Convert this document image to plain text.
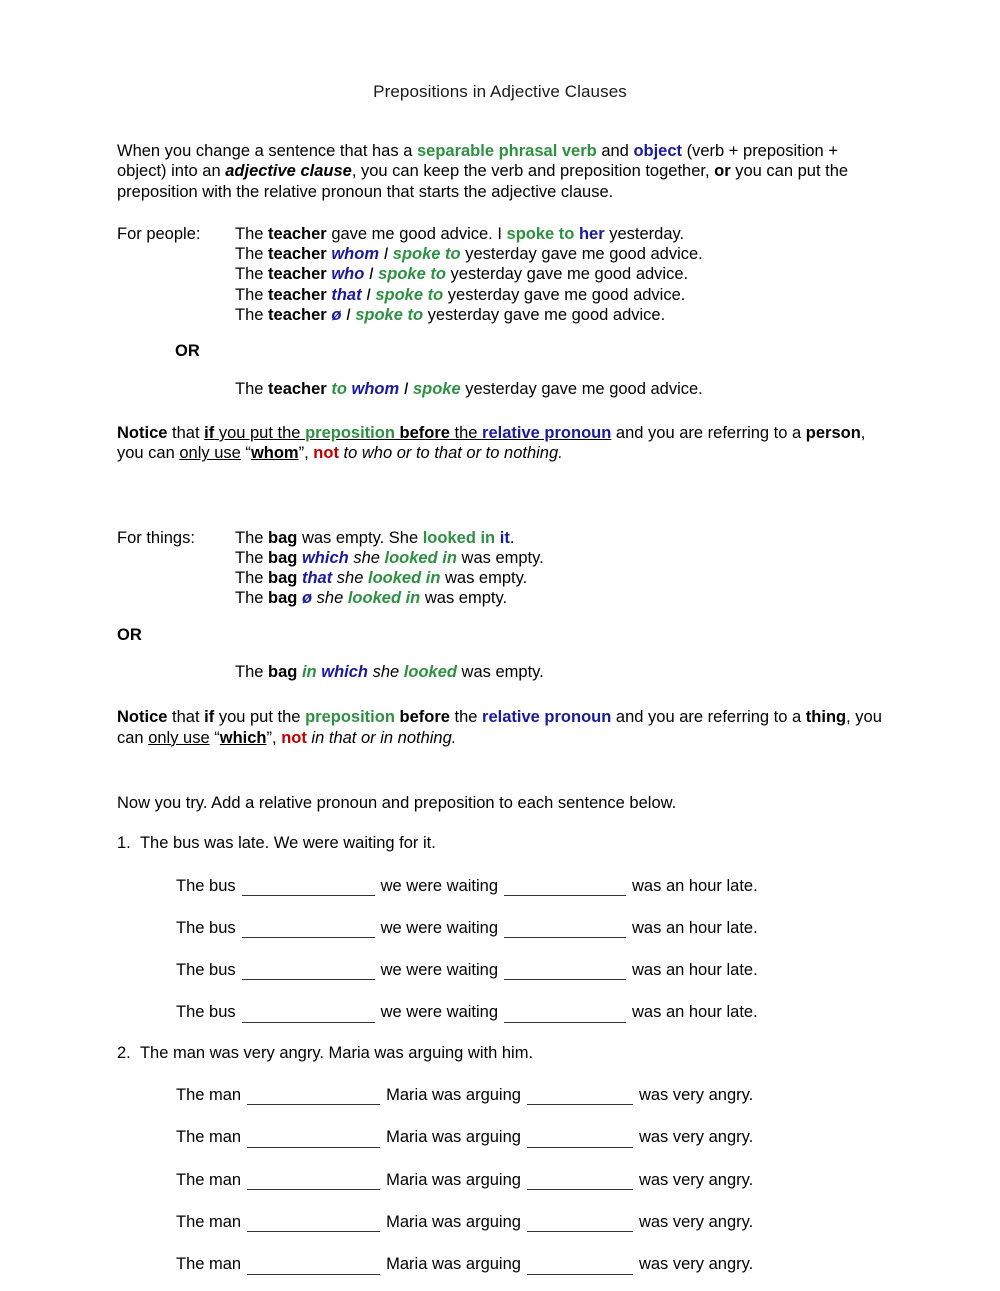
Prepositions in Adjective Clauses

When you change a sentence that has a separable phrasal verb and object (verb + preposition + object) into an adjective clause, you can keep the verb and preposition together, or you can put the preposition with the relative pronoun that starts the adjective clause.

For people:	The teacher gave me good advice. I spoke to her yesterday.
The teacher whom I spoke to yesterday gave me good advice.
The teacher who I spoke to yesterday gave me good advice.
The teacher that I spoke to yesterday gave me good advice.
The teacher ø I spoke to yesterday gave me good advice.
OR
The teacher to whom I spoke yesterday gave me good advice.

Notice that if you put the preposition before the relative pronoun and you are referring to a person, you can only use “whom”, not to who or to that or to nothing.

For things:	The bag was empty. She looked in it.
The bag which she looked in was empty.
The bag that she looked in was empty.
The bag ø she looked in was empty.
OR
The bag in which she looked was empty.

Notice that if you put the preposition before the relative pronoun and you are referring to a thing, you can only use “which”, not in that or in nothing.

Now you try. Add a relative pronoun and preposition to each sentence below.

1. The bus was late. We were waiting for it.
The bus	we were waiting	was an hour late.
The bus	we were waiting	was an hour late.
The bus	we were waiting	was an hour late.
The bus	we were waiting	was an hour late.
2. The man was very angry. Maria was arguing with him.
The man	Maria was arguing	was very angry.
The man	Maria was arguing	was very angry.
The man	Maria was arguing	was very angry.
The man	Maria was arguing	was very angry.
The man	Maria was arguing	was very angry.
